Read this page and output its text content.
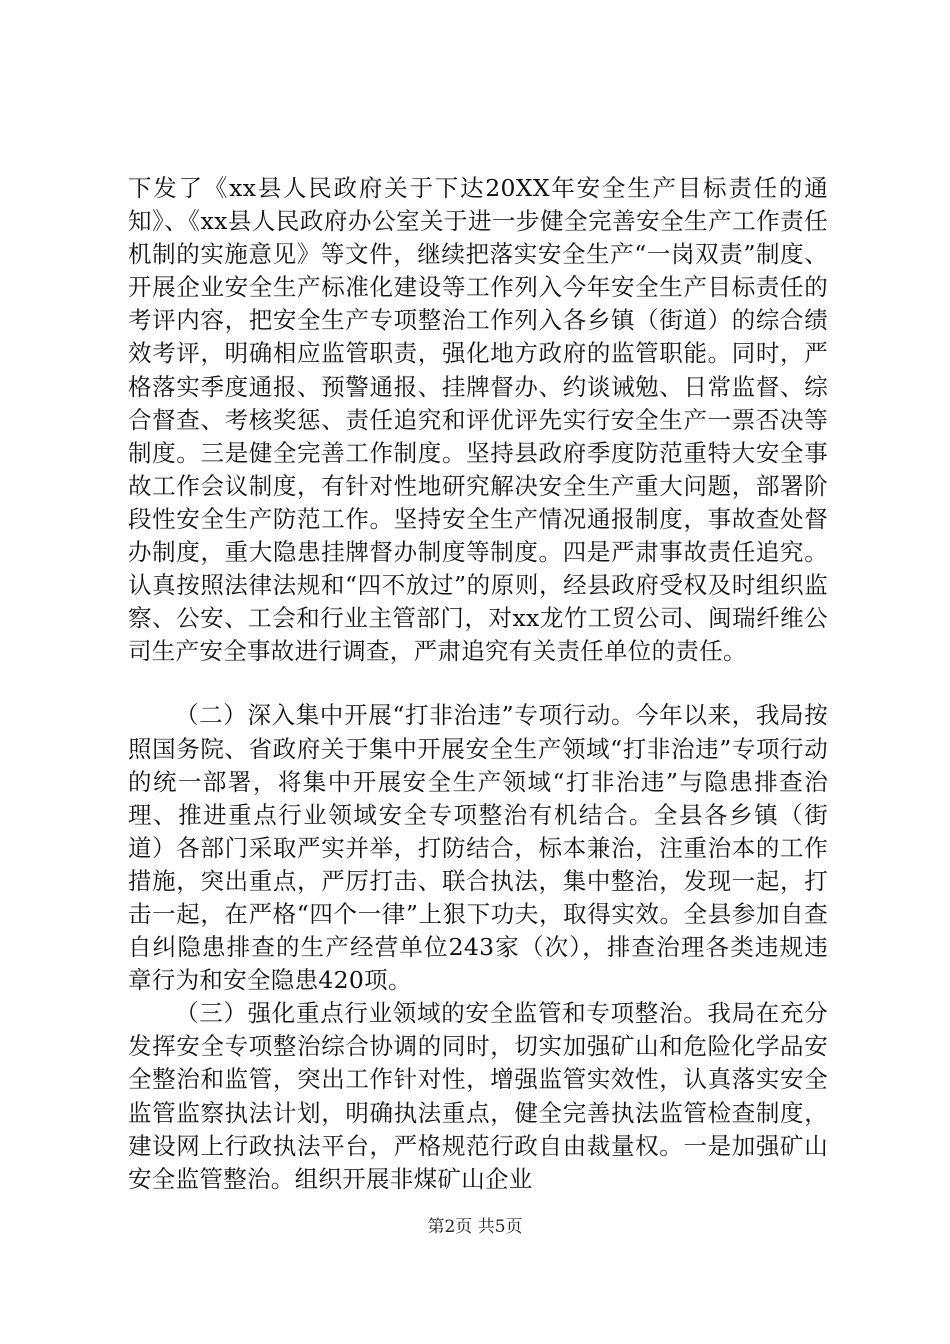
下发了《xx县人民政府关于下达20XX年安全生产目标责任的通知》、《xx县人民政府办公室关于进一步健全完善安全生产工作责任机制的实施意见》等文件，继续把落实安全生产“一岗双责”制度、开展企业安全生产标准化建设等工作列入今年安全生产目标责任的考评内容，把安全生产专项整治工作列入各乡镇（街道）的综合绩效考评，明确相应监管职责，强化地方政府的监管职能。同时，严格落实季度通报、预警通报、挂牌督办、约谈诫勉、日常监督、综合督查、考核奖惩、责任追究和评优评先实行安全生产一票否决等制度。三是健全完善工作制度。坚持县政府季度防范重特大安全事故工作会议制度，有针对性地研究解决安全生产重大问题，部署阶段性安全生产防范工作。坚持安全生产情况通报制度，事故查处督办制度，重大隐患挂牌督办制度等制度。四是严肃事故责任追究。认真按照法律法规和“四不放过”的原则，经县政府受权及时组织监察、公安、工会和行业主管部门，对xx龙竹工贸公司、闽瑞纤维公司生产安全事故进行调查，严肃追究有关责任单位的责任。

（二）深入集中开展“打非治违”专项行动。今年以来，我局按照国务院、省政府关于集中开展安全生产领域“打非治违”专项行动的统一部署，将集中开展安全生产领域“打非治违”与隐患排查治理、推进重点行业领域安全专项整治有机结合。全县各乡镇（街道）各部门采取严实并举，打防结合，标本兼治，注重治本的工作措施，突出重点，严厉打击、联合执法，集中整治，发现一起，打击一起，在严格“四个一律”上狠下功夫，取得实效。全县参加自查自纠隐患排查的生产经营单位243家（次），排查治理各类违规违章行为和安全隐患420项。

（三）强化重点行业领域的安全监管和专项整治。我局在充分发挥安全专项整治综合协调的同时，切实加强矿山和危险化学品安全整治和监管，突出工作针对性，增强监管实效性，认真落实安全监管监察执法计划，明确执法重点，健全完善执法监管检查制度，建设网上行政执法平台，严格规范行政自由裁量权。一是加强矿山安全监管整治。组织开展非煤矿山企业

第2页 共5页
